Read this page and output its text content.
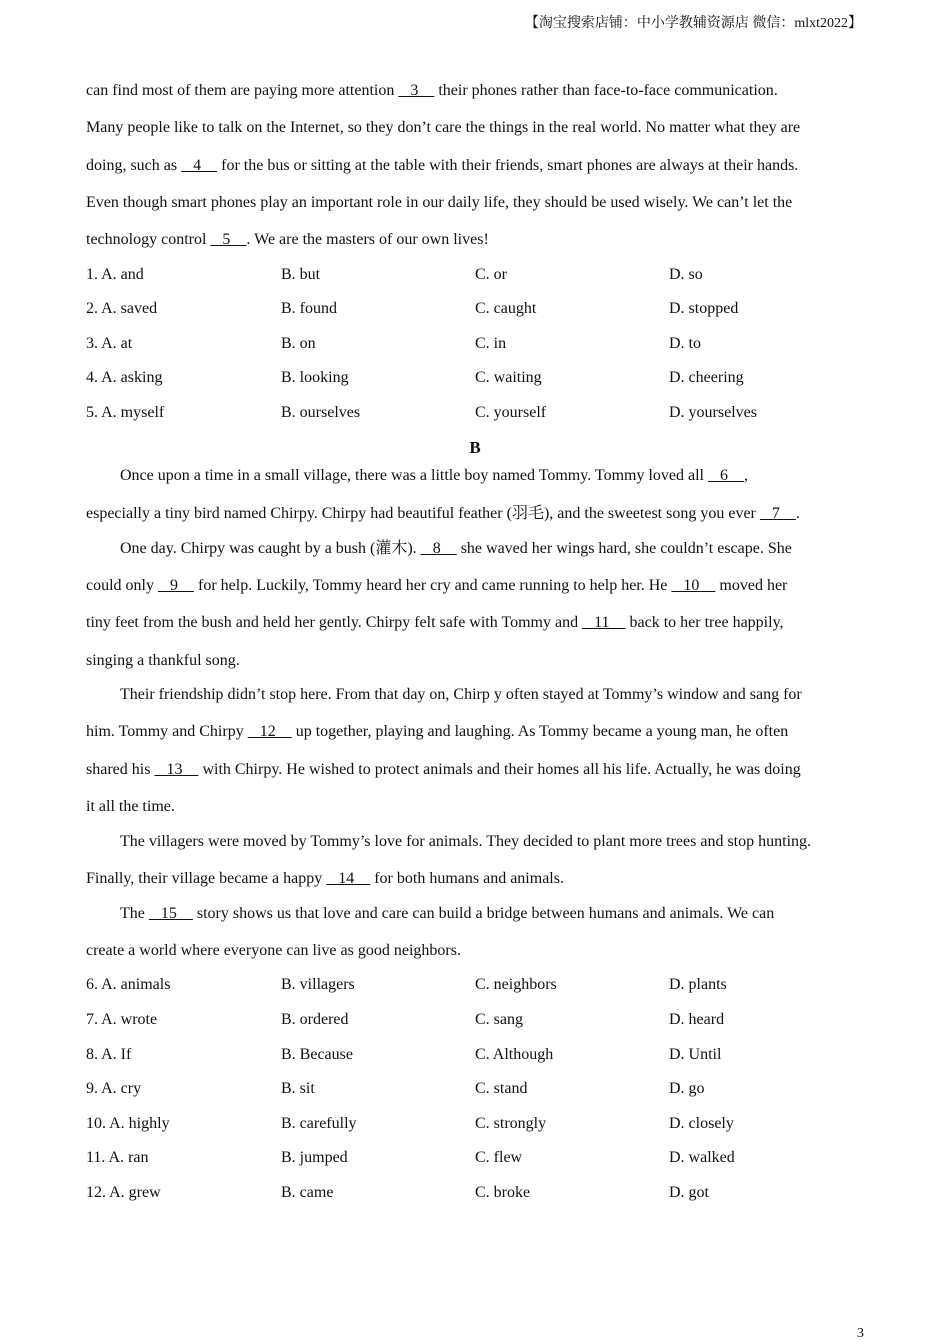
【淘宝搜索店铺：中小学教辅资源店 微信：mlxt2022】
can find most of them are paying more attention    3     their phones rather than face-to-face communication.
Many people like to talk on the Internet, so they don’t care the things in the real world. No matter what they are
doing, such as    4     for the bus or sitting at the table with their friends, smart phones are always at their hands.
Even though smart phones play an important role in our daily life, they should be used wisely. We can’t let the
technology control    5    . We are the masters of our own lives!
1. A. and	B. but	C. or	D. so
2. A. saved	B. found	C. caught	D. stopped
3. A. at	B. on	C. in	D. to
4. A. asking	B. looking	C. waiting	D. cheering
5. A. myself	B. ourselves	C. yourself	D. yourselves
B
Once upon a time in a small village, there was a little boy named Tommy. Tommy loved all    6    ,
especially a tiny bird named Chirpy. Chirpy had beautiful feather (羽毛), and the sweetest song you ever    7    .
One day. Chirpy was caught by a bush (灌木).    8     she waved her wings hard, she couldn’t escape. She
could only    9     for help. Luckily, Tommy heard her cry and came running to help her. He    10     moved her
tiny feet from the bush and held her gently. Chirpy felt safe with Tommy and    11     back to her tree happily,
singing a thankful song.
Their friendship didn’t stop here. From that day on, Chirp y often stayed at Tommy’s window and sang for
him. Tommy and Chirpy    12     up together, playing and laughing. As Tommy became a young man, he often
shared his    13     with Chirpy. He wished to protect animals and their homes all his life. Actually, he was doing
it all the time.
The villagers were moved by Tommy’s love for animals. They decided to plant more trees and stop hunting.
Finally, their village became a happy    14     for both humans and animals.
The    15     story shows us that love and care can build a bridge between humans and animals. We can
create a world where everyone can live as good neighbors.
6. A. animals	B. villagers	C. neighbors	D. plants
7. A. wrote	B. ordered	C. sang	D. heard
8. A. If	B. Because	C. Although	D. Until
9. A. cry	B. sit	C. stand	D. go
10. A. highly	B. carefully	C. strongly	D. closely
11. A. ran	B. jumped	C. flew	D. walked
12. A. grew	B. came	C. broke	D. got
3
